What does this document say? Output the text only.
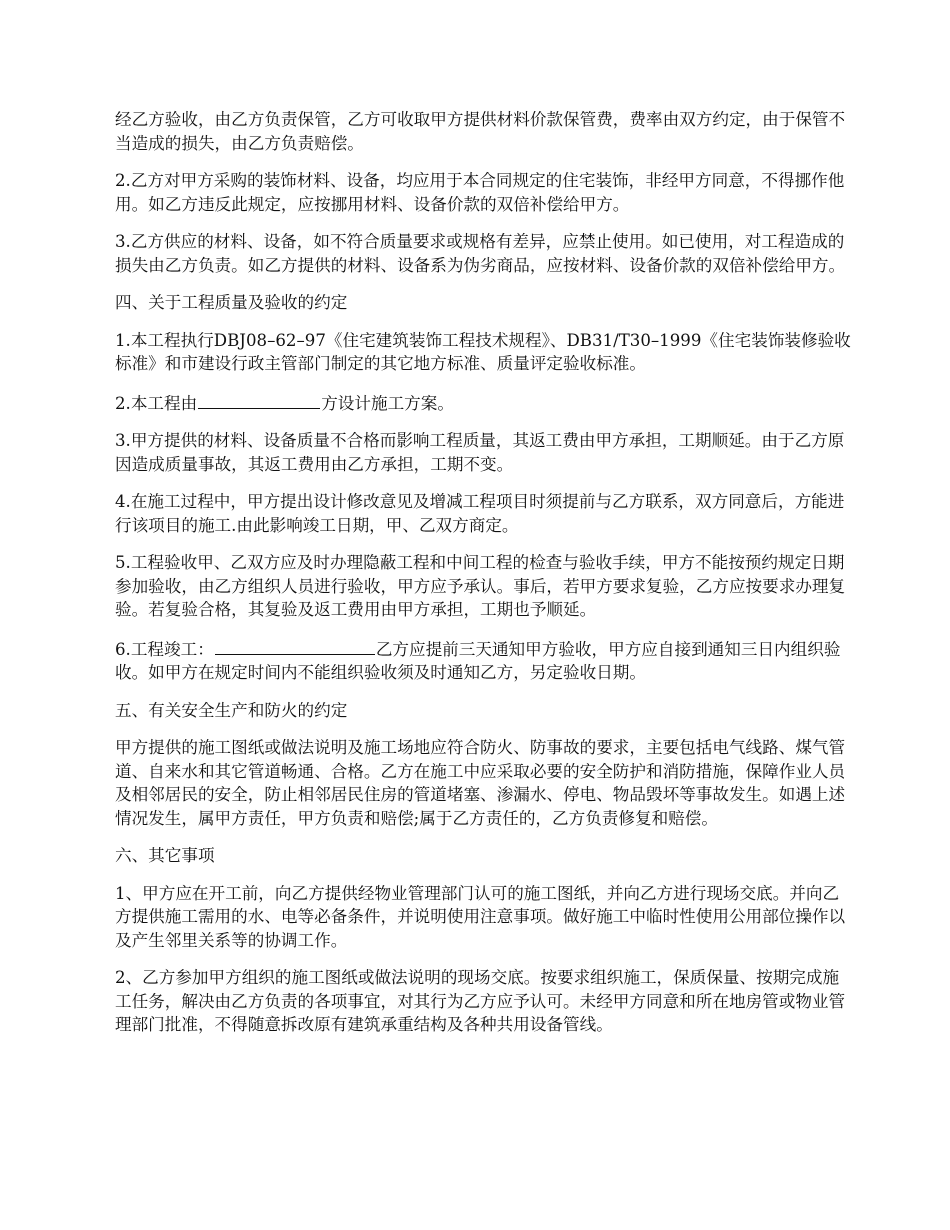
经乙方验收，由乙方负责保管，乙方可收取甲方提供材料价款保管费，费率由双方约定，由于保管不当造成的损失，由乙方负责赔偿。

2.乙方对甲方采购的装饰材料、设备，均应用于本合同规定的住宅装饰，非经甲方同意，不得挪作他用。如乙方违反此规定，应按挪用材料、设备价款的双倍补偿给甲方。

3.乙方供应的材料、设备，如不符合质量要求或规格有差异，应禁止使用。如已使用，对工程造成的损失由乙方负责。如乙方提供的材料、设备系为伪劣商品，应按材料、设备价款的双倍补偿给甲方。

四、关于工程质量及验收的约定

1.本工程执行DBJ08–62–97《住宅建筑装饰工程技术规程》、DB31/T30–1999《住宅装饰装修验收标准》和市建设行政主管部门制定的其它地方标准、质量评定验收标准。

2.本工程由	方设计施工方案。

3.甲方提供的材料、设备质量不合格而影响工程质量，其返工费由甲方承担，工期顺延。由于乙方原因造成质量事故，其返工费用由乙方承担，工期不变。

4.在施工过程中，甲方提出设计修改意见及增减工程项目时须提前与乙方联系，双方同意后，方能进行该项目的施工.由此影响竣工日期，甲、乙双方商定。

5.工程验收甲、乙双方应及时办理隐蔽工程和中间工程的检查与验收手续，甲方不能按预约规定日期参加验收，由乙方组织人员进行验收，甲方应予承认。事后，若甲方要求复验，乙方应按要求办理复验。若复验合格，其复验及返工费用由甲方承担，工期也予顺延。

6.工程竣工：	乙方应提前三天通知甲方验收，甲方应自接到通知三日内组织验收。如甲方在规定时间内不能组织验收须及时通知乙方，另定验收日期。

五、有关安全生产和防火的约定

甲方提供的施工图纸或做法说明及施工场地应符合防火、防事故的要求，主要包括电气线路、煤气管道、自来水和其它管道畅通、合格。乙方在施工中应采取必要的安全防护和消防措施，保障作业人员及相邻居民的安全，防止相邻居民住房的管道堵塞、渗漏水、停电、物品毁坏等事故发生。如遇上述情况发生，属甲方责任，甲方负责和赔偿;属于乙方责任的，乙方负责修复和赔偿。

六、其它事项

1、甲方应在开工前，向乙方提供经物业管理部门认可的施工图纸，并向乙方进行现场交底。并向乙方提供施工需用的水、电等必备条件，并说明使用注意事项。做好施工中临时性使用公用部位操作以及产生邻里关系等的协调工作。

2、乙方参加甲方组织的施工图纸或做法说明的现场交底。按要求组织施工，保质保量、按期完成施工任务，解决由乙方负责的各项事宜，对其行为乙方应予认可。未经甲方同意和所在地房管或物业管理部门批准，不得随意拆改原有建筑承重结构及各种共用设备管线。
